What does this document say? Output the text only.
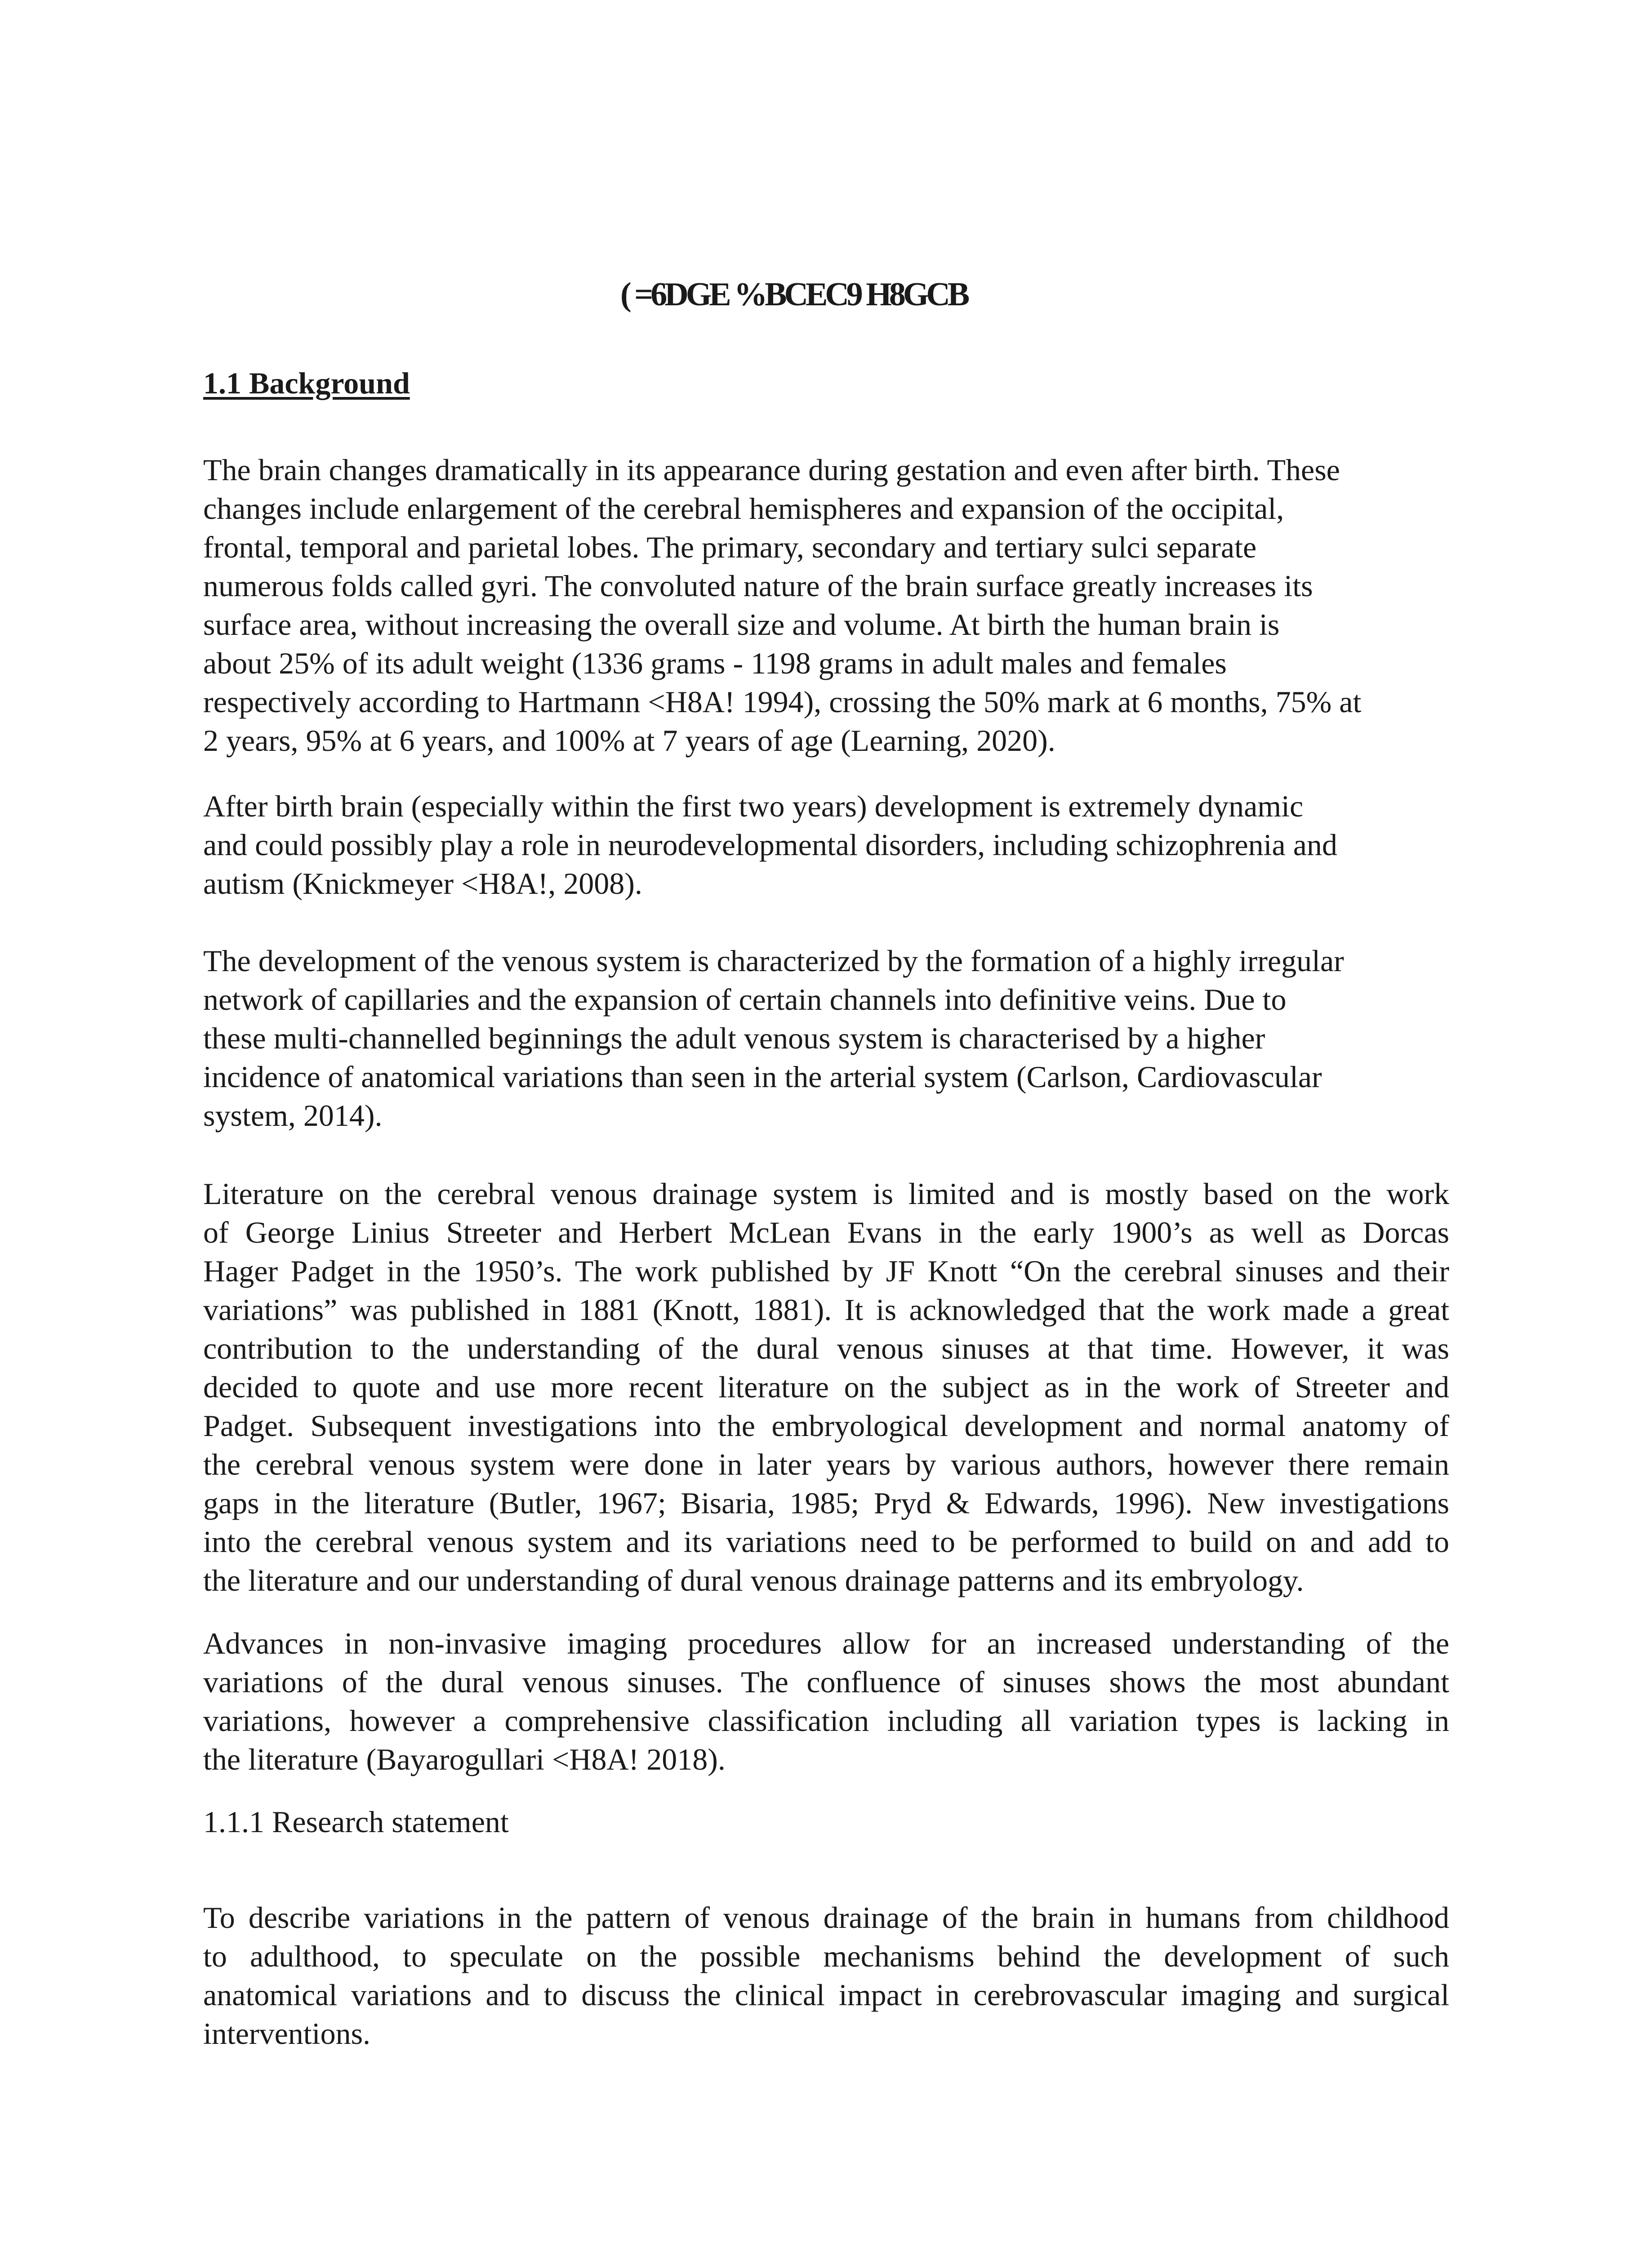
( =6DGE %BCEC9 H8GCB
1.1 Background
The brain changes dramatically in its appearance during gestation and even after birth. These
changes include enlargement of the cerebral hemispheres and expansion of the occipital,
frontal, temporal and parietal lobes. The primary, secondary and tertiary sulci separate
numerous folds called gyri. The convoluted nature of the brain surface greatly increases its
surface area, without increasing the overall size and volume. At birth the human brain is
about 25% of its adult weight (1336 grams - 1198 grams in adult males and females
respectively according to Hartmann <H8A! 1994), crossing the 50% mark at 6 months, 75% at
2 years, 95% at 6 years, and 100% at 7 years of age (Learning, 2020).
After birth brain (especially within the first two years) development is extremely dynamic
and could possibly play a role in neurodevelopmental disorders, including schizophrenia and
autism (Knickmeyer <H8A!, 2008).
The development of the venous system is characterized by the formation of a highly irregular
network of capillaries and the expansion of certain channels into definitive veins. Due to
these multi-channelled beginnings the adult venous system is characterised by a higher
incidence of anatomical variations than seen in the arterial system (Carlson, Cardiovascular
system, 2014).
Literature on the cerebral venous drainage system is limited and is mostly based on the work
of George Linius Streeter and Herbert McLean Evans in the early 1900’s as well as Dorcas
Hager Padget in the 1950’s. The work published by JF Knott “On the cerebral sinuses and their
variations” was published in 1881 (Knott, 1881). It is acknowledged that the work made a great
contribution to the understanding of the dural venous sinuses at that time. However, it was
decided to quote and use more recent literature on the subject as in the work of Streeter and
Padget. Subsequent investigations into the embryological development and normal anatomy of
the cerebral venous system were done in later years by various authors, however there remain
gaps in the literature (Butler, 1967; Bisaria, 1985; Pryd & Edwards, 1996). New investigations
into the cerebral venous system and its variations need to be performed to build on and add to
the literature and our understanding of dural venous drainage patterns and its embryology.
Advances in non-invasive imaging procedures allow for an increased understanding of the
variations of the dural venous sinuses. The confluence of sinuses shows the most abundant
variations, however a comprehensive classification including all variation types is lacking in
the literature (Bayarogullari <H8A! 2018).
1.1.1 Research statement
To describe variations in the pattern of venous drainage of the brain in humans from childhood
to adulthood, to speculate on the possible mechanisms behind the development of such
anatomical variations and to discuss the clinical impact in cerebrovascular imaging and surgical
interventions.
